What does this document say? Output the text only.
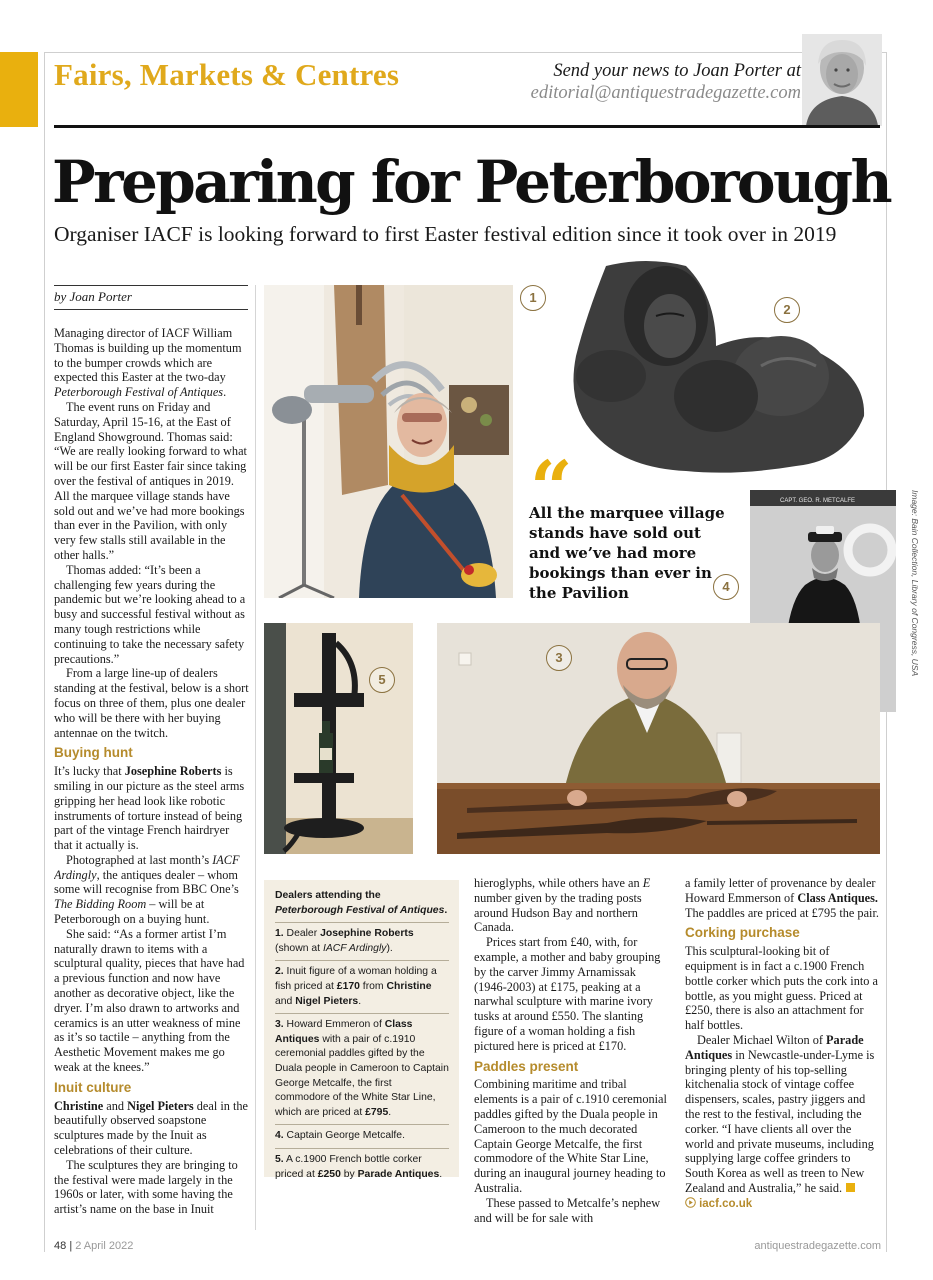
Fairs, Markets & Centres	Send your news to Joan Porter at
editorial@antiquestradegazette.com
Preparing for Peterborough
Organiser IACF is looking forward to first Easter festival edition since it took over in 2019
by Joan Porter

Managing director of IACF William Thomas is building up the momentum to the bumper crowds which are expected this Easter at the two-day Peterborough Festival of Antiques.

The event runs on Friday and Saturday, April 15-16, at the East of England Showground. Thomas said: “We are really looking forward to what will be our first Easter fair since taking over the festival of antiques in 2019. All the marquee village stands have sold out and we’ve had more bookings than ever in the Pavilion, with only very few stalls still available in the other halls.”

Thomas added: “It’s been a challenging few years during the pandemic but we’re looking ahead to a busy and successful festival without as many tough restrictions while continuing to take the necessary safety precautions.”

From a large line-up of dealers standing at the festival, below is a short focus on three of them, plus one dealer who will be there with her buying antennae on the twitch.

Buying hunt

It’s lucky that Josephine Roberts is smiling in our picture as the steel arms gripping her head look like robotic instruments of torture instead of being part of the vintage French hairdryer that it actually is.

Photographed at last month’s IACF Ardingly, the antiques dealer – whom some will recognise from BBC One’s The Bidding Room – will be at Peterborough on a buying hunt.

She said: “As a former artist I’m naturally drawn to items with a sculptural quality, pieces that have had a previous function and now have another as decorative object, like the dryer. I’m also drawn to artworks and ceramics is an utter weakness of mine as it’s so tactile – anything from the Aesthetic Movement makes me go weak at the knees.”

Inuit culture

Christine and Nigel Pieters deal in the beautifully observed soapstone sculptures made by the Inuit as celebrations of their culture.

The sculptures they are bringing to the festival were made largely in the 1960s or later, with some having the artist’s name on the base in Inuit

1
2
“
All the marquee village stands have sold out and we’ve had more bookings than ever in the Pavilion
CAPT. GEO. R. METCALFE
4	Image: Bain Collection, Library of Congress, USA
5
3
Dealers attending the Peterborough Festival of Antiques.
1. Dealer Josephine Roberts (shown at IACF Ardingly).
2. Inuit figure of a woman holding a fish priced at £170 from Christine and Nigel Pieters.
3. Howard Emmeron of Class Antiques with a pair of c.1910 ceremonial paddles gifted by the Duala people in Cameroon to Captain George Metcalfe, the first commodore of the White Star Line, which are priced at £795.
4. Captain George Metcalfe.
5. A c.1900 French bottle corker priced at £250 by Parade Antiques.

hieroglyphs, while others have an E number given by the trading posts around Hudson Bay and northern Canada.

Prices start from £40, with, for example, a mother and baby grouping by the carver Jimmy Arnamissak (1946-2003) at £175, peaking at a narwhal sculpture with marine ivory tusks at around £550. The slanting figure of a woman holding a fish pictured here is priced at £170.

Paddles present

Combining maritime and tribal elements is a pair of c.1910 ceremonial paddles gifted by the Duala people in Cameroon to the much decorated Captain George Metcalfe, the first commodore of the White Star Line, during an inaugural journey heading to Australia.

These passed to Metcalfe’s nephew and will be for sale with

a family letter of provenance by dealer Howard Emmerson of Class Antiques. The paddles are priced at £795 the pair.

Corking purchase

This sculptural-looking bit of equipment is in fact a c.1900 French bottle corker which puts the cork into a bottle, as you might guess. Priced at £250, there is also an attachment for half bottles.

Dealer Michael Wilton of Parade Antiques in Newcastle-under-Lyme is bringing plenty of his top-selling kitchenalia stock of vintage coffee dispensers, scales, pastry jiggers and the rest to the festival, including the corker. “I have clients all over the world and private museums, including supplying large coffee grinders to South Korea as well as treen to New Zealand and Australia,” he said.

iacf.co.uk
48 | 2 April 2022	antiquestradegazette.com
